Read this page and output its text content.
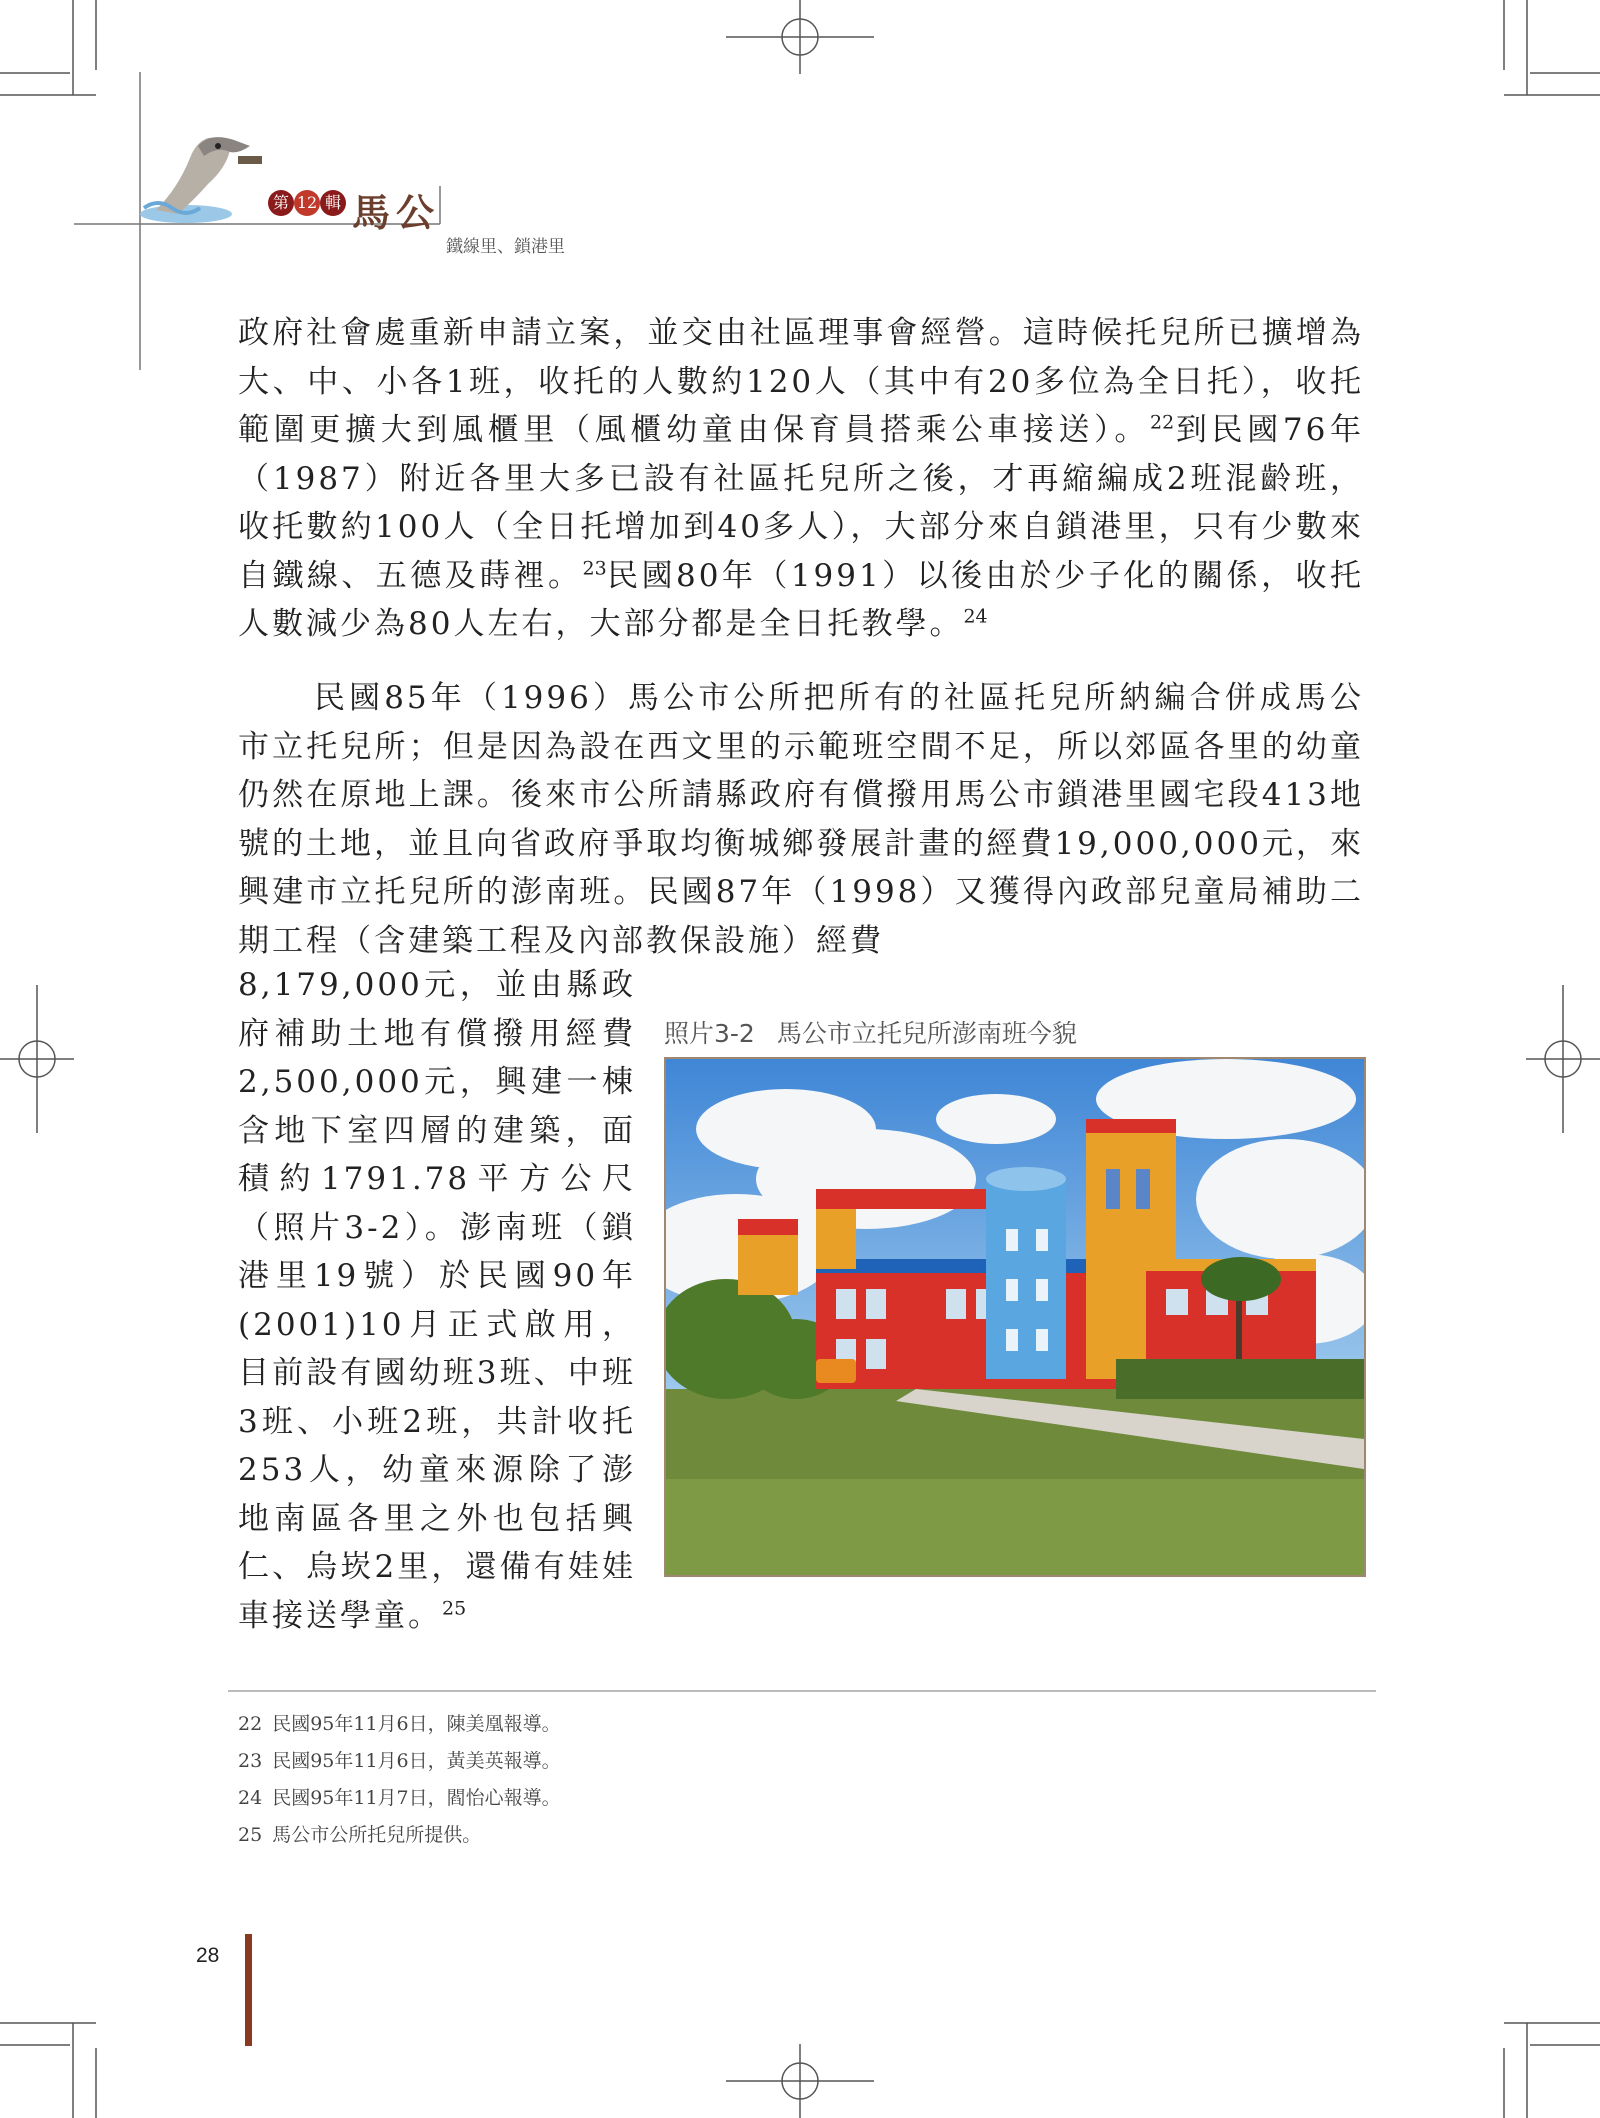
第 12 輯 馬公
鐵線里、鎖港里
政府社會處重新申請立案，並交由社區理事會經營。這時候托兒所已擴增為大、中、小各1班，收托的人數約120人（其中有20多位為全日托），收托範圍更擴大到風櫃里（風櫃幼童由保育員搭乘公車接送）。$^{22}$到民國76年（1987）附近各里大多已設有社區托兒所之後，才再縮編成2班混齡班，收托數約100人（全日托增加到40多人），大部分來自鎖港里，只有少數來自鐵線、五德及蒔裡。$^{23}$民國80年（1991）以後由於少子化的關係，收托人數減少為80人左右，大部分都是全日托教學。$^{24}$
民國85年（1996）馬公市公所把所有的社區托兒所納編合併成馬公市立托兒所；但是因為設在西文里的示範班空間不足，所以郊區各里的幼童仍然在原地上課。後來市公所請縣政府有償撥用馬公市鎖港里國宅段413地號的土地，並且向省政府爭取均衡城鄉發展計畫的經費19,000,000元，來興建市立托兒所的澎南班。民國87年（1998）又獲得內政部兒童局補助二期工程（含建築工程及內部教保設施）經費
8,179,000元，並由縣政府補助土地有償撥用經費2,500,000元，興建一棟含地下室四層的建築，面積約1791.78平方公尺（照片3-2）。澎南班（鎖港里19號）於民國90年(2001)10月正式啟用，目前設有國幼班3班、中班3班、小班2班，共計收托253人，幼童來源除了澎地南區各里之外也包括興仁、烏崁2里，還備有娃娃車接送學童。$^{25}$
照片3-2 馬公市立托兒所澎南班今貌
22 民國95年11月6日，陳美凰報導。
23 民國95年11月6日，黃美英報導。
24 民國95年11月7日，閻怡心報導。
25 馬公市公所托兒所提供。
28
